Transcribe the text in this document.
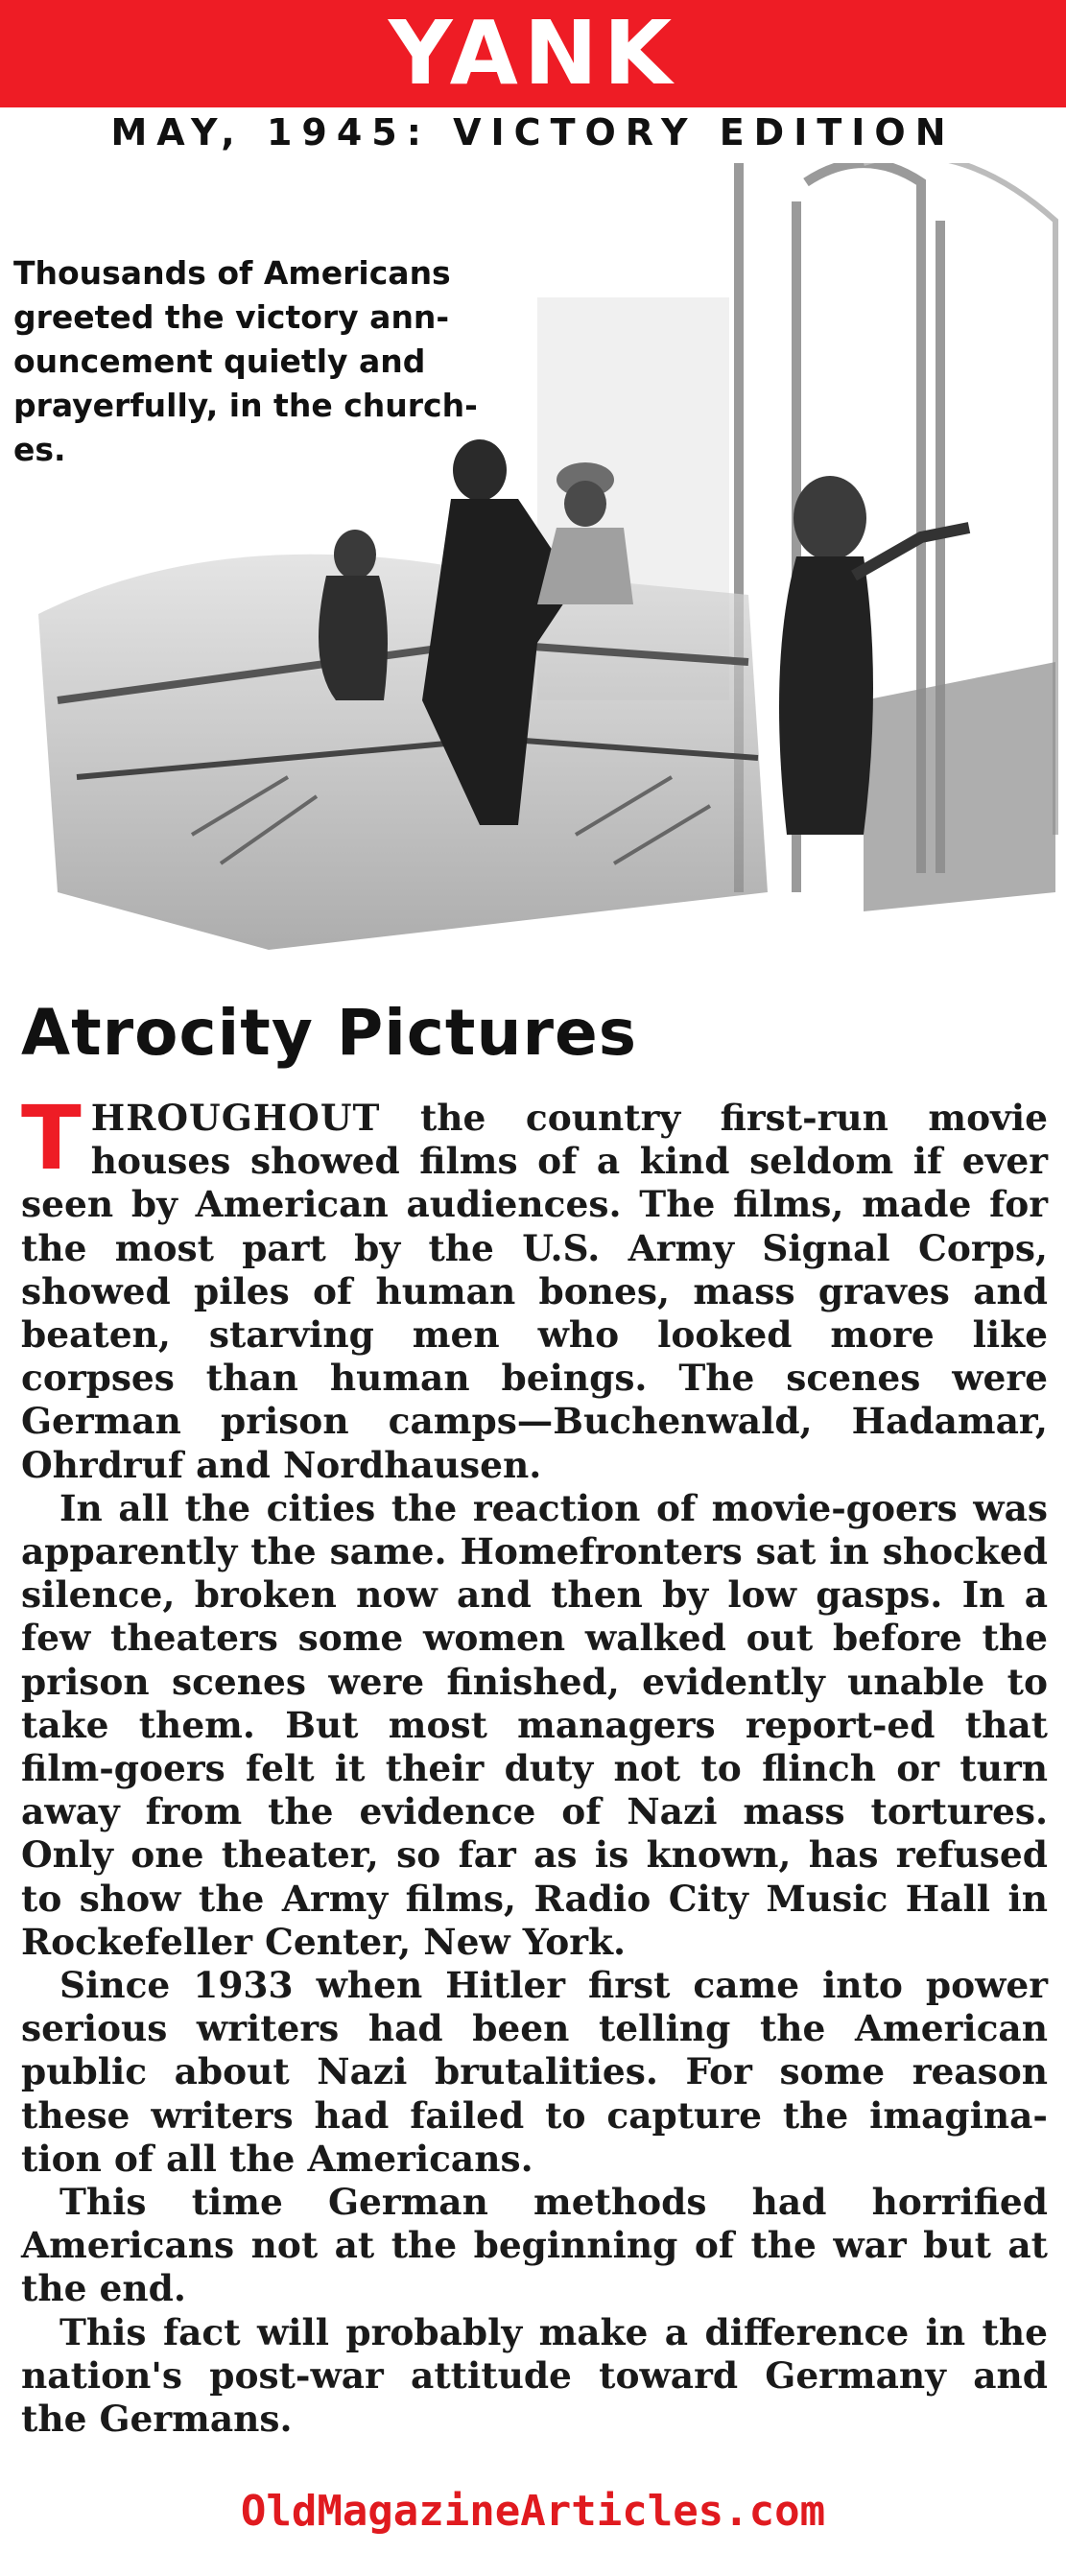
YANK
MAY, 1945: VICTORY EDITION
Thousands of Americans greeted the victory ann-ouncement quietly and prayerfully, in the church-es.
Atrocity Pictures

THROUGHOUT the country first-run movie houses showed films of a kind seldom if ever seen by American audiences. The films, made for the most part by the U.S. Army Signal Corps, showed piles of human bones, mass graves and beaten, starving men who looked more like corpses than human beings. The scenes were German prison camps—Buchenwald, Hadamar, Ohrdruf and Nordhausen.

In all the cities the reaction of movie-goers was apparently the same. Homefronters sat in shocked silence, broken now and then by low gasps. In a few theaters some women walked out before the prison scenes were finished, evidently unable to take them. But most managers report-ed that film-goers felt it their duty not to flinch or turn away from the evidence of Nazi mass tortures. Only one theater, so far as is known, has refused to show the Army films, Radio City Music Hall in Rockefeller Center, New York.

Since 1933 when Hitler first came into power serious writers had been telling the American public about Nazi brutalities. For some reason these writers had failed to capture the imagina-tion of all the Americans.

This time German methods had horrified Americans not at the beginning of the war but at the end.

This fact will probably make a difference in the nation's post-war attitude toward Germany and the Germans.

OldMagazineArticles.com
